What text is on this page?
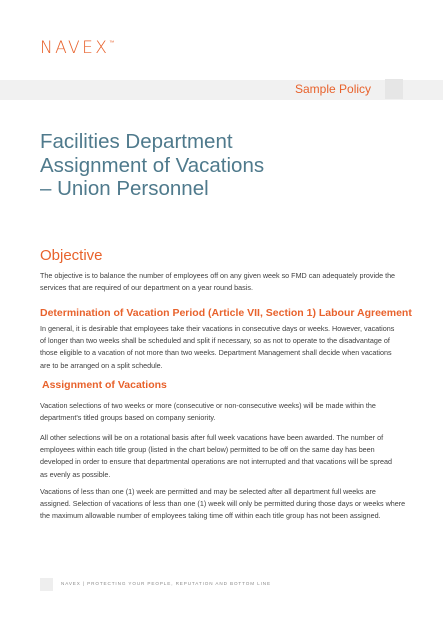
NAVEX™
Sample Policy
Facilities Department
Assignment of Vacations
– Union Personnel
Objective
The objective is to balance the number of employees off on any given week so FMD can adequately provide the
services that are required of our department on a year round basis.
Determination of Vacation Period (Article VII, Section 1) Labour Agreement
In general, it is desirable that employees take their vacations in consecutive days or weeks. However, vacations
of longer than two weeks shall be scheduled and split if necessary, so as not to operate to the disadvantage of
those eligible to a vacation of not more than two weeks. Department Management shall decide when vacations
are to be arranged on a split schedule.
Assignment of Vacations
Vacation selections of two weeks or more (consecutive or non-consecutive weeks) will be made within the
department's titled groups based on company seniority.
All other selections will be on a rotational basis after full week vacations have been awarded. The number of
employees within each title group (listed in the chart below) permitted to be off on the same day has been
developed in order to ensure that departmental operations are not interrupted and that vacations will be spread
as evenly as possible.
Vacations of less than one (1) week are permitted and may be selected after all department full weeks are
assigned. Selection of vacations of less than one (1) week will only be permitted during those days or weeks where
the maximum allowable number of employees taking time off within each title group has not been assigned.
NAVEX | PROTECTING YOUR PEOPLE, REPUTATION AND BOTTOM LINE
